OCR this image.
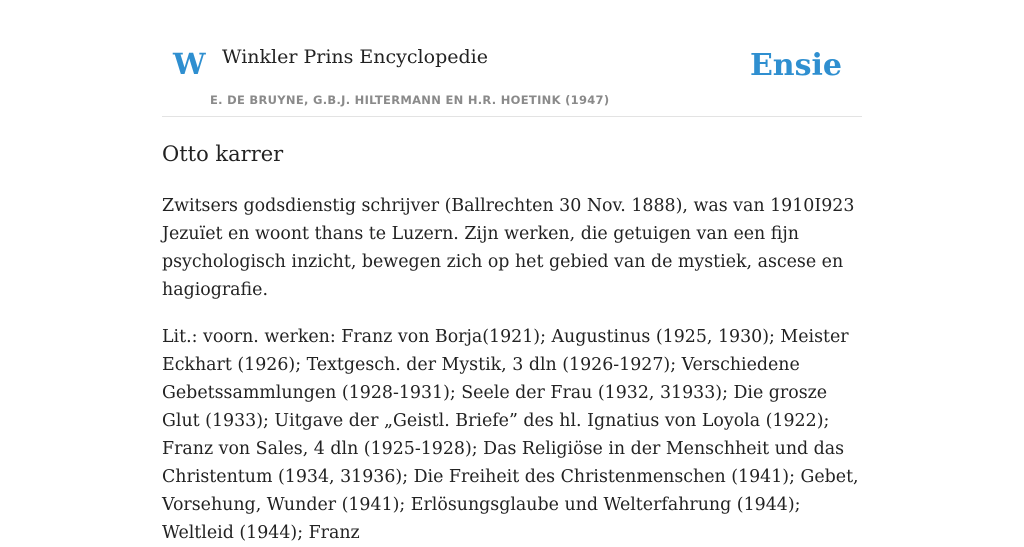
W Winkler Prins Encyclopedie
E. DE BRUYNE, G.B.J. HILTERMANN EN H.R. HOETINK (1947)
Ensie
Otto karrer

Zwitsers godsdienstig schrijver (Ballrechten 30 Nov. 1888), was van 1910I923 Jezuïet en woont thans te Luzern. Zijn werken, die getuigen van een fijn psychologisch inzicht, bewegen zich op het gebied van de mystiek, ascese en hagiografie.

Lit.: voorn. werken: Franz von Borja(1921); Augustinus (1925, 1930); Meister Eckhart (1926); Textgesch. der Mystik, 3 dln (1926-1927); Verschiedene Gebetssammlungen (1928-1931); Seele der Frau (1932, 31933); Die grosze Glut (1933); Uitgave der „Geistl. Briefe” des hl. Ignatius von Loyola (1922); Franz von Sales, 4 dln (1925-1928); Das Religiöse in der Menschheit und das Christentum (1934, 31936); Die Freiheit des Christenmenschen (1941); Gebet, Vorsehung, Wunder (1941); Erlösungsglaube und Welterfahrung (1944); Weltleid (1944); Franz
